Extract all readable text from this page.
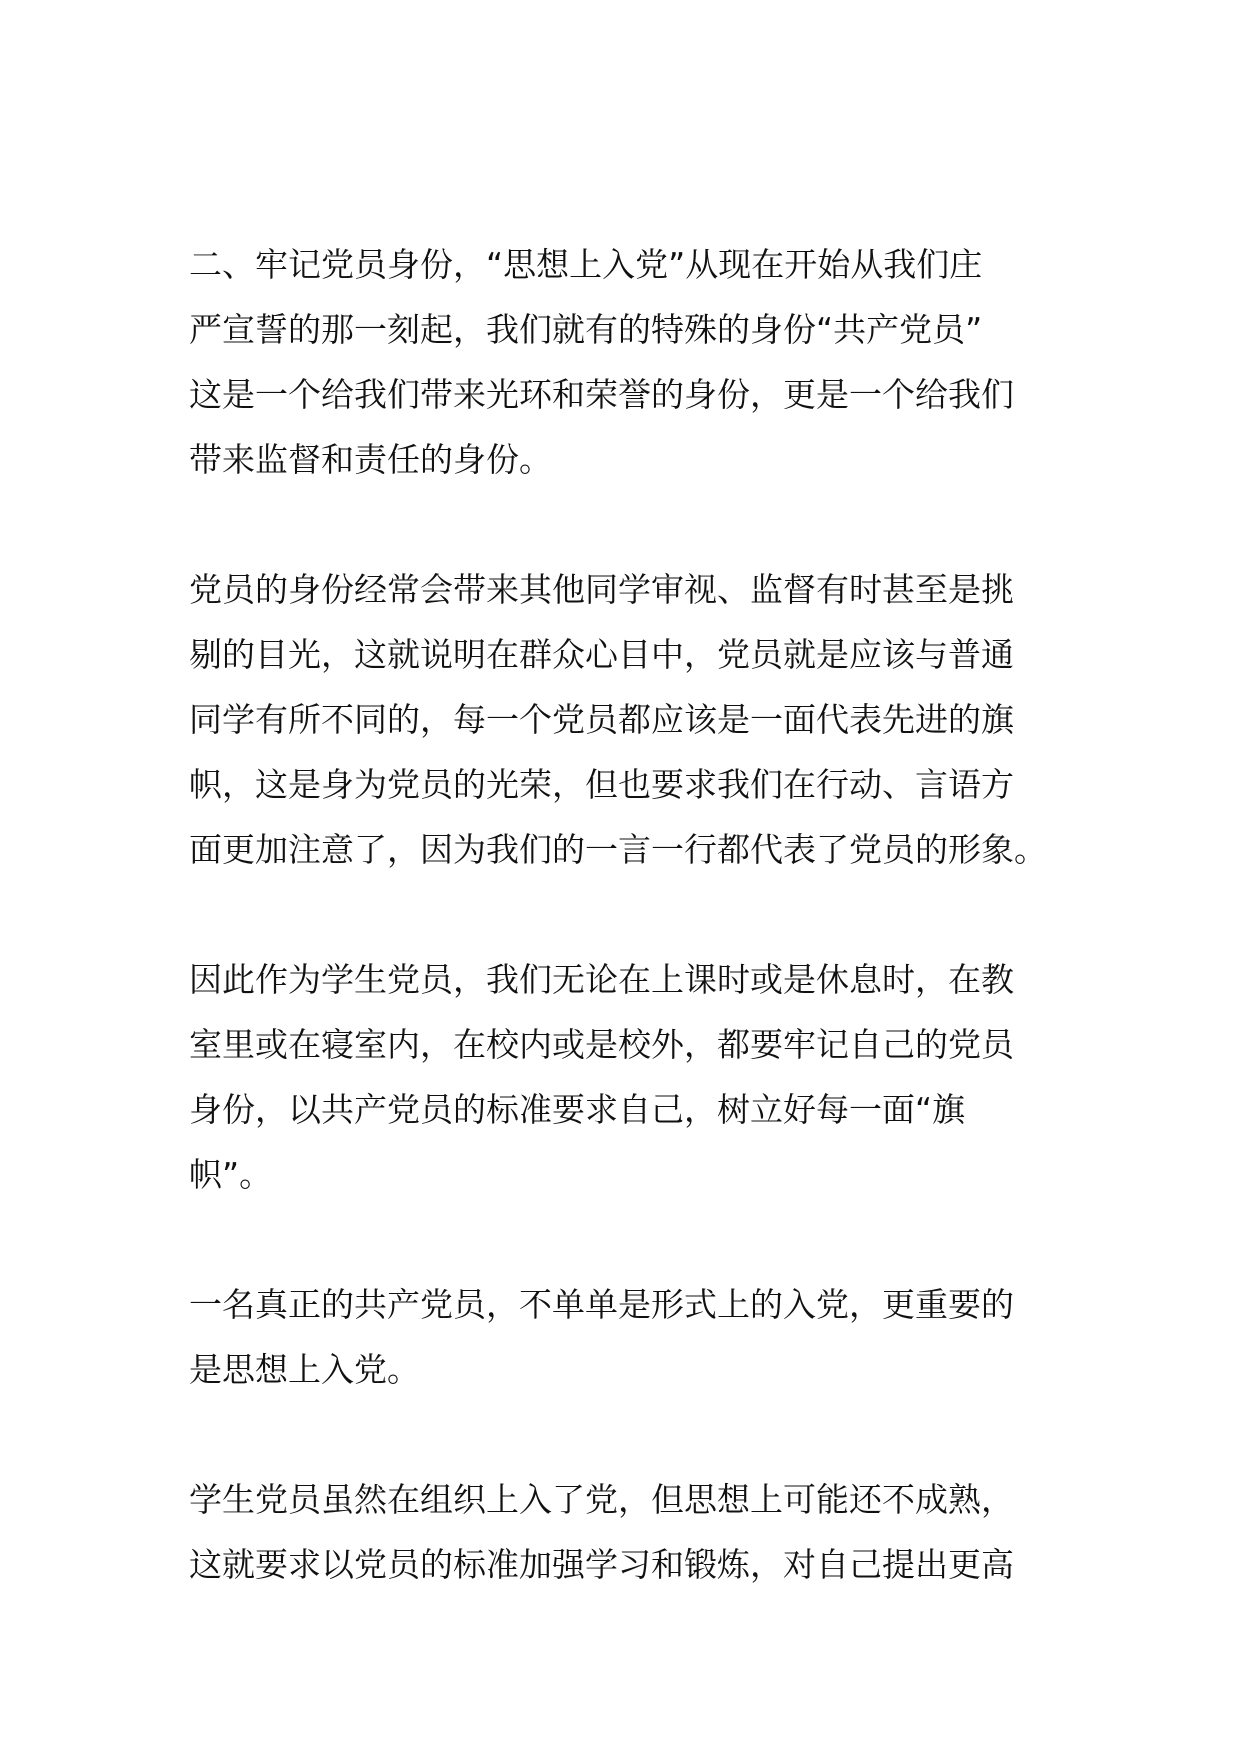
二、牢记党员身份，“思想上入党”从现在开始从我们庄
严宣誓的那一刻起，我们就有的特殊的身份“共产党员”
这是一个给我们带来光环和荣誉的身份，更是一个给我们
带来监督和责任的身份。

党员的身份经常会带来其他同学审视、监督有时甚至是挑
剔的目光，这就说明在群众心目中，党员就是应该与普通
同学有所不同的，每一个党员都应该是一面代表先进的旗
帜，这是身为党员的光荣，但也要求我们在行动、言语方
面更加注意了，因为我们的一言一行都代表了党员的形象。

因此作为学生党员，我们无论在上课时或是休息时，在教
室里或在寝室内，在校内或是校外，都要牢记自己的党员
身份，以共产党员的标准要求自己，树立好每一面“旗
帜”。

一名真正的共产党员，不单单是形式上的入党，更重要的
是思想上入党。

学生党员虽然在组织上入了党，但思想上可能还不成熟，
这就要求以党员的标准加强学习和锻炼，对自己提出更高
